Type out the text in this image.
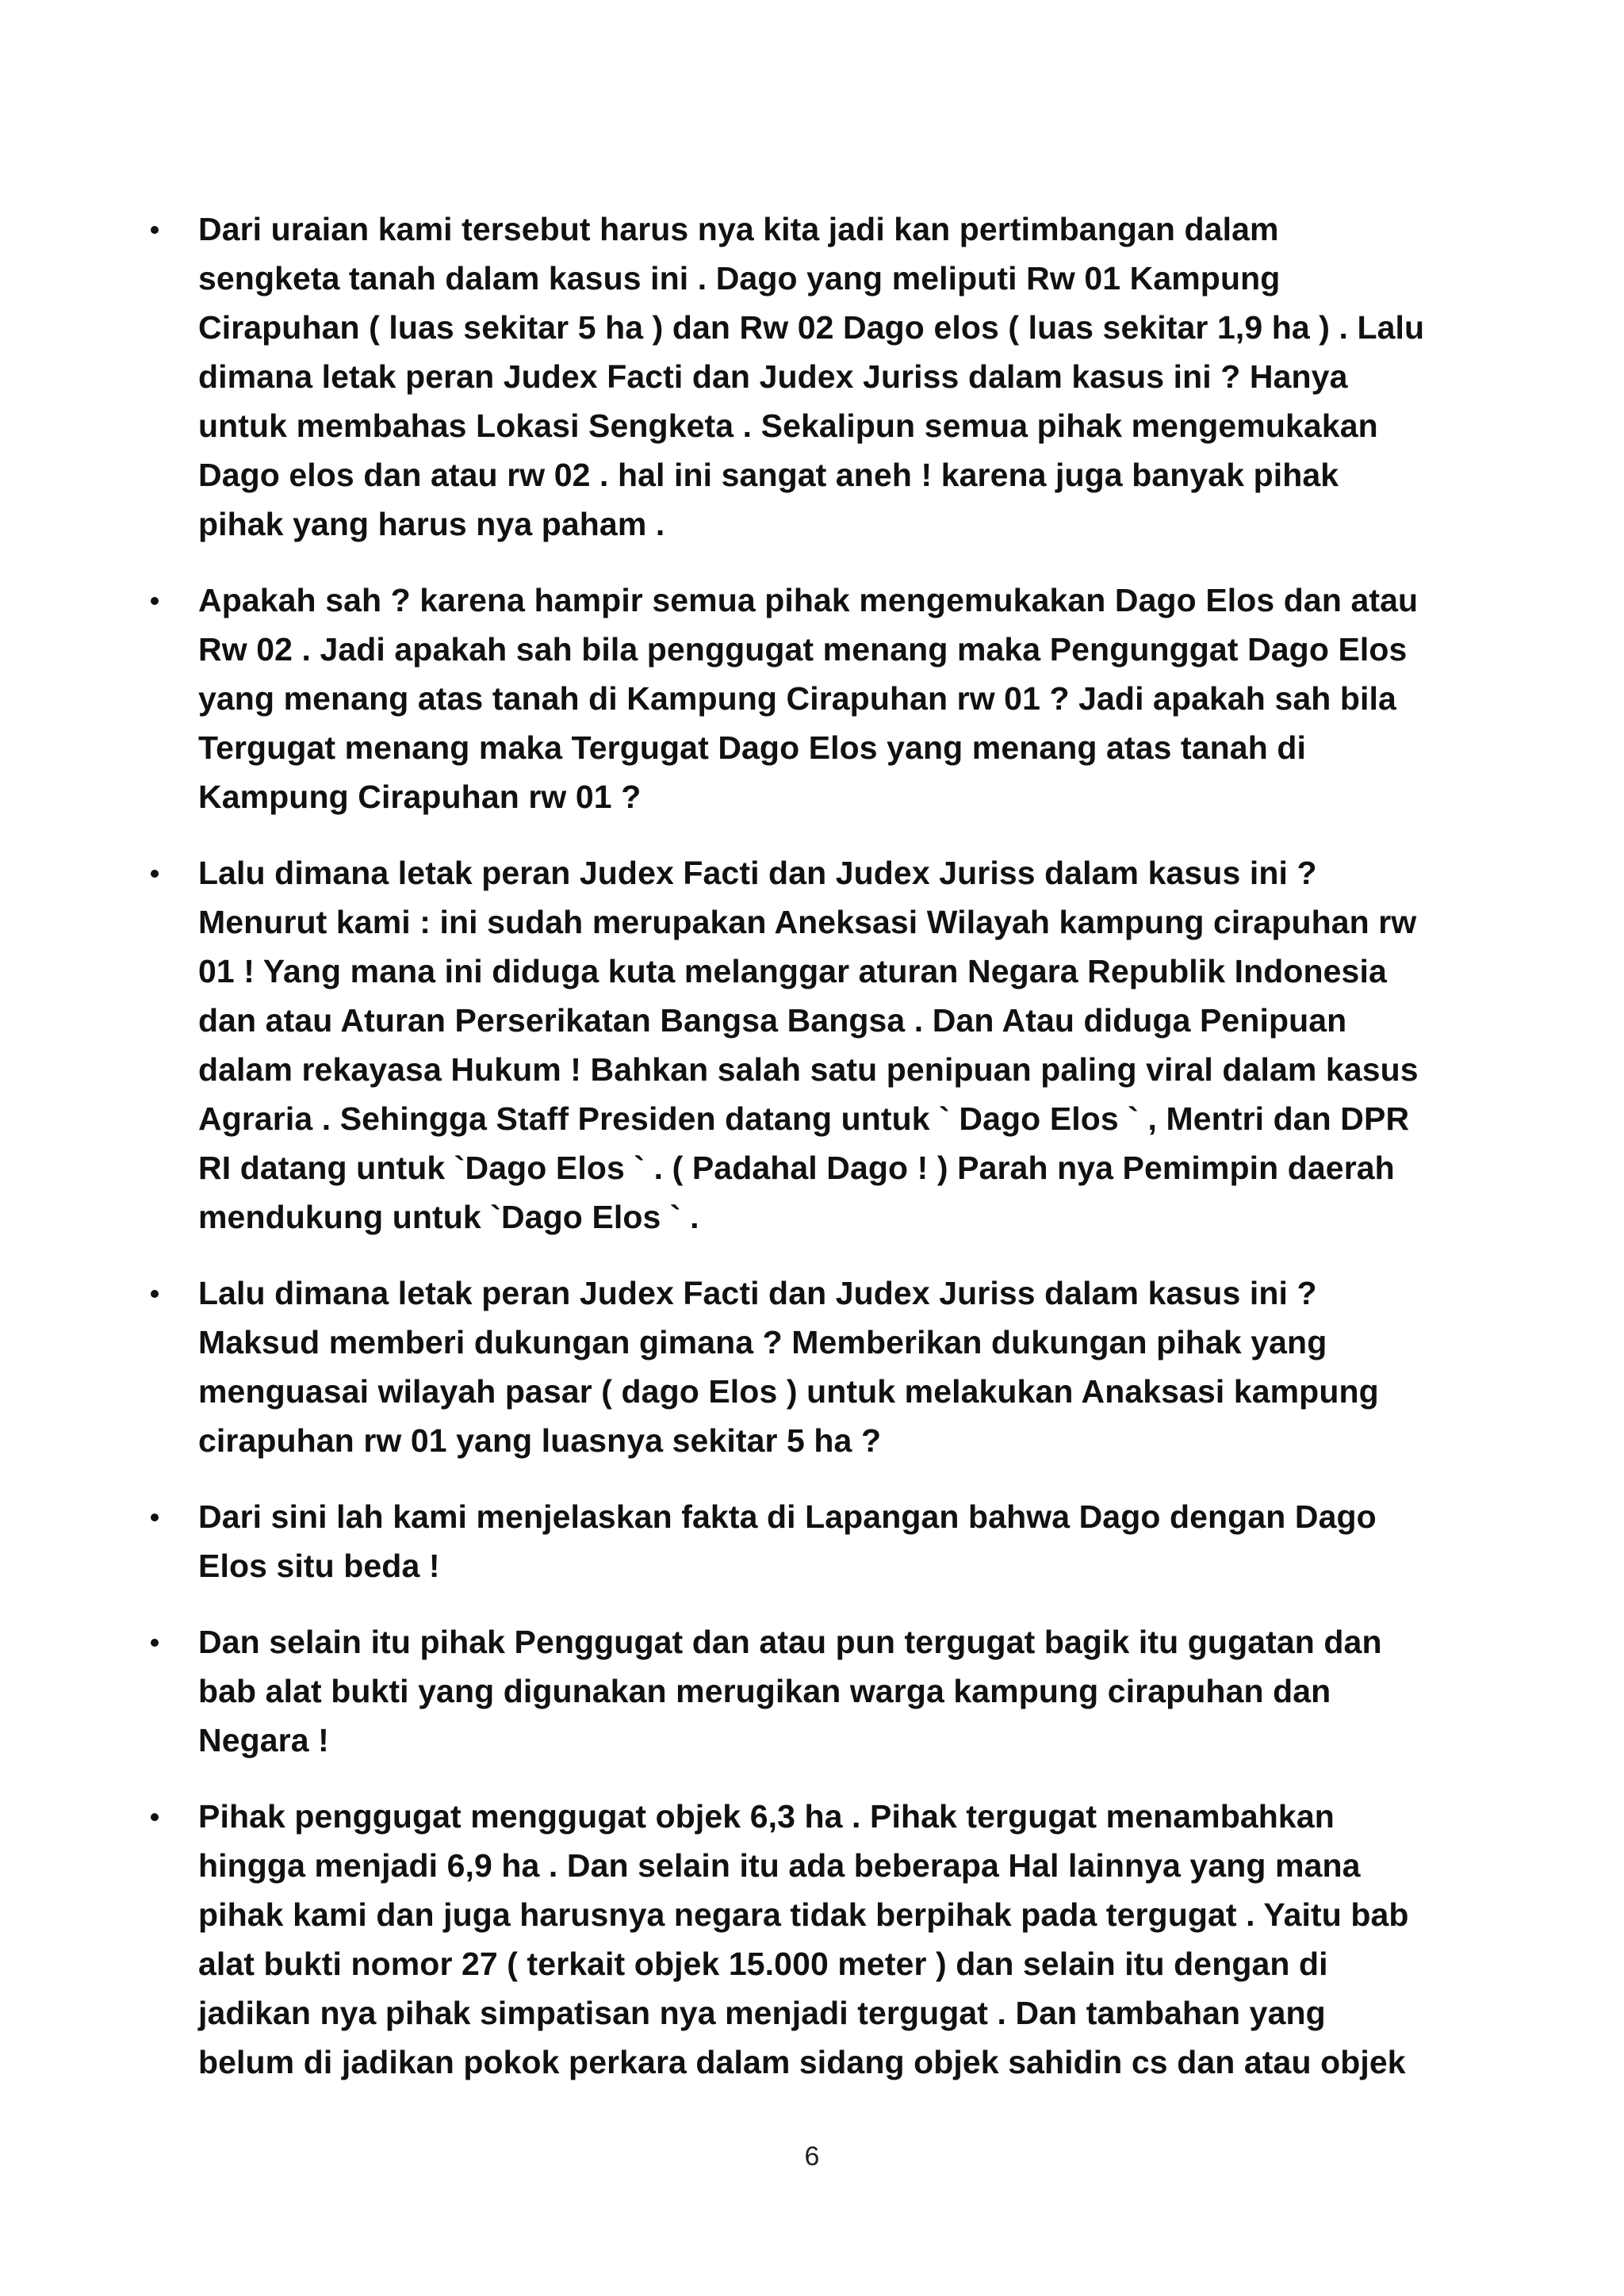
Dari uraian kami tersebut harus nya kita jadi kan pertimbangan dalam
sengketa tanah dalam kasus ini . Dago yang meliputi Rw 01 Kampung
Cirapuhan ( luas sekitar 5 ha ) dan Rw 02 Dago elos ( luas sekitar 1,9 ha ) . Lalu
dimana letak peran Judex Facti dan Judex Juriss dalam kasus ini ? Hanya
untuk membahas Lokasi Sengketa . Sekalipun semua pihak mengemukakan
Dago elos dan atau rw 02 . hal ini sangat aneh ! karena juga banyak pihak
pihak yang harus nya paham .
Apakah sah ? karena hampir semua pihak mengemukakan Dago Elos dan atau
Rw 02 . Jadi apakah sah bila penggugat menang maka Pengunggat Dago Elos
yang menang atas tanah di Kampung Cirapuhan rw 01 ? Jadi apakah sah bila
Tergugat menang maka Tergugat Dago Elos yang menang atas tanah di
Kampung Cirapuhan rw 01 ?
Lalu dimana letak peran Judex Facti dan Judex Juriss dalam kasus ini ?
Menurut kami : ini sudah merupakan Aneksasi Wilayah kampung cirapuhan rw
01 ! Yang mana ini diduga kuta melanggar aturan Negara Republik Indonesia
dan atau Aturan Perserikatan Bangsa Bangsa . Dan Atau diduga Penipuan
dalam rekayasa Hukum ! Bahkan salah satu penipuan paling viral dalam kasus
Agraria . Sehingga Staff Presiden datang untuk ` Dago Elos ` , Mentri dan DPR
RI datang untuk `Dago Elos ` . ( Padahal Dago ! ) Parah nya Pemimpin daerah
mendukung untuk `Dago Elos ` .
Lalu dimana letak peran Judex Facti dan Judex Juriss dalam kasus ini ?
Maksud memberi dukungan gimana ? Memberikan dukungan pihak yang
menguasai wilayah pasar ( dago Elos ) untuk melakukan Anaksasi kampung
cirapuhan rw 01 yang luasnya sekitar 5 ha ?
Dari sini lah kami menjelaskan fakta di Lapangan bahwa Dago dengan Dago
Elos situ beda !
Dan selain itu pihak Penggugat dan atau pun tergugat bagik itu gugatan dan
bab alat bukti yang digunakan merugikan warga kampung cirapuhan dan
Negara !
Pihak penggugat menggugat objek 6,3 ha . Pihak tergugat menambahkan
hingga menjadi 6,9 ha . Dan selain itu ada beberapa Hal lainnya yang mana
pihak kami dan juga harusnya negara tidak berpihak pada tergugat . Yaitu bab
alat bukti nomor 27 ( terkait objek 15.000 meter ) dan selain itu dengan di
jadikan nya pihak simpatisan nya menjadi tergugat . Dan tambahan yang
belum di jadikan pokok perkara dalam sidang objek sahidin cs dan atau objek
6
